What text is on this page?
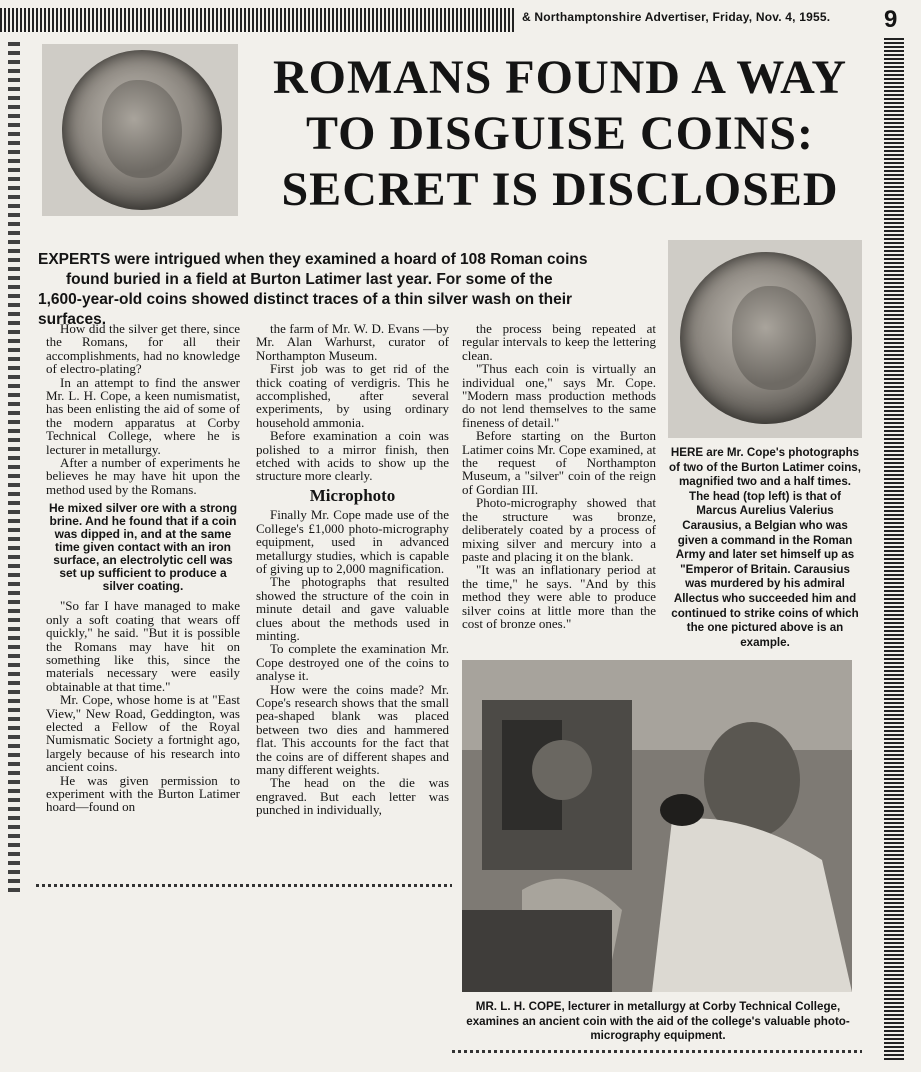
& Northamptonshire Advertiser, Friday, Nov. 4, 1955. 9
ROMANS FOUND A WAY
TO DISGUISE COINS:
SECRET IS DISCLOSED
EXPERTS were intrigued when they examined a hoard of 108 Roman coins
found buried in a field at Burton Latimer last year. For some of the
1,600-year-old coins showed distinct traces of a thin silver wash on their
surfaces.
HERE are Mr. Cope's photographs of two of the Burton Latimer coins, magnified two and a half times. The head (top left) is that of Marcus Aurelius Valerius Carausius, a Belgian who was given a command in the Roman Army and later set himself up as "Emperor of Britain. Carausius was murdered by his admiral Allectus who succeeded him and continued to strike coins of which the one pictured above is an example.

How did the silver get there, since the Romans, for all their accomplishments, had no knowledge of electro-plating?

In an attempt to find the answer Mr. L. H. Cope, a keen numismatist, has been enlisting the aid of some of the modern apparatus at Corby Technical College, where he is lecturer in metallurgy.

After a number of experiments he believes he may have hit upon the method used by the Romans.

He mixed silver ore with a strong brine. And he found that if a coin was dipped in, and at the same time given contact with an iron surface, an electrolytic cell was set up sufficient to produce a silver coating.

"So far I have managed to make only a soft coating that wears off quickly," he said. "But it is possible the Romans may have hit on something like this, since the materials necessary were easily obtainable at that time."

Mr. Cope, whose home is at "East View," New Road, Geddington, was elected a Fellow of the Royal Numismatic Society a fortnight ago, largely because of his research into ancient coins.

He was given permission to experiment with the Burton Latimer hoard—found on

the farm of Mr. W. D. Evans —by Mr. Alan Warhurst, curator of Northampton Museum.

First job was to get rid of the thick coating of verdigris. This he accomplished, after several experiments, by using ordinary household ammonia.

Before examination a coin was polished to a mirror finish, then etched with acids to show up the structure more clearly.

Microphoto

Finally Mr. Cope made use of the College's £1,000 photo-micrography equipment, used in advanced metallurgy studies, which is capable of giving up to 2,000 magnification.

The photographs that resulted showed the structure of the coin in minute detail and gave valuable clues about the methods used in minting.

To complete the examination Mr. Cope destroyed one of the coins to analyse it.

How were the coins made? Mr. Cope's research shows that the small pea-shaped blank was placed between two dies and hammered flat. This accounts for the fact that the coins are of different shapes and many different weights.

The head on the die was engraved. But each letter was punched in individually,

the process being repeated at regular intervals to keep the lettering clean.

"Thus each coin is virtually an individual one," says Mr. Cope. "Modern mass production methods do not lend themselves to the same fineness of detail."

Before starting on the Burton Latimer coins Mr. Cope examined, at the request of Northampton Museum, a "silver" coin of the reign of Gordian III.

Photo-micrography showed that the structure was bronze, deliberately coated by a process of mixing silver and mercury into a paste and placing it on the blank.

"It was an inflationary period at the time," he says. "And by this method they were able to produce silver coins at little more than the cost of bronze ones."

MR. L. H. COPE, lecturer in metallurgy at Corby Technical College, examines an ancient coin with the aid of the college's valuable photo-micrography equipment.
